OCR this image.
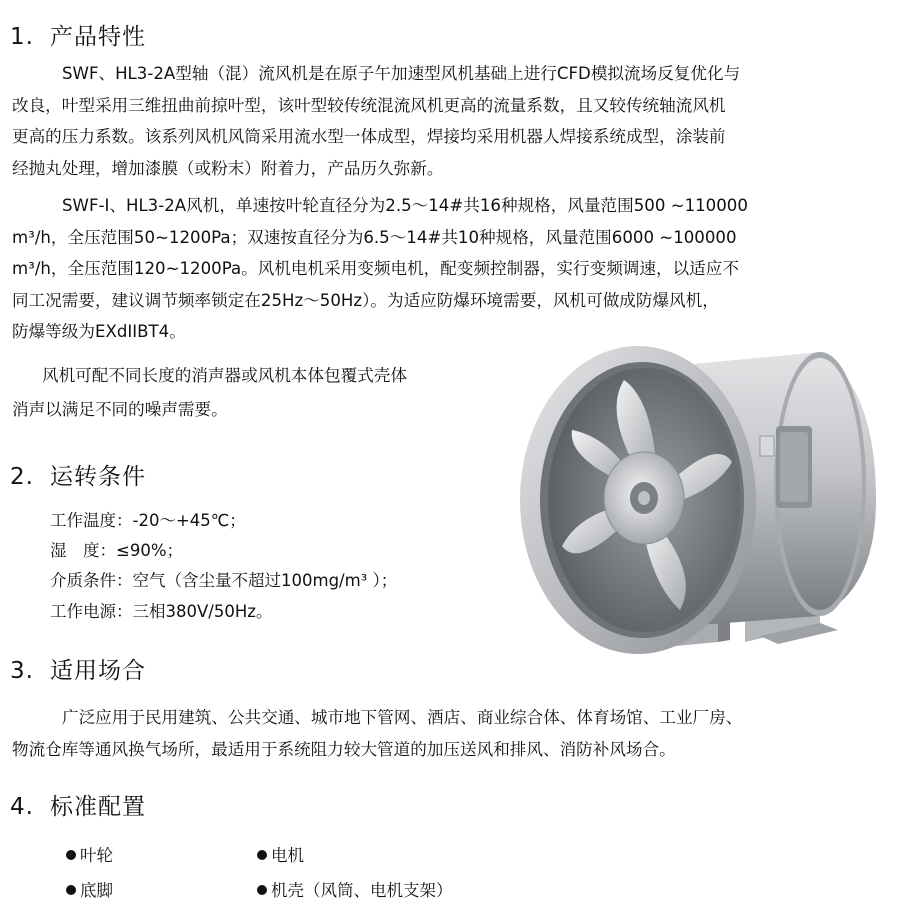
1. 产品特性
SWF、HL3-2A型轴（混）流风机是在原子午加速型风机基础上进行CFD模拟流场反复优化与
改良，叶型采用三维扭曲前掠叶型，该叶型较传统混流风机更高的流量系数，且又较传统轴流风机
更高的压力系数。该系列风机风筒采用流水型一体成型，焊接均采用机器人焊接系统成型，涂装前
经抛丸处理，增加漆膜（或粉末）附着力，产品历久弥新。
SWF-I、HL3-2A风机，单速按叶轮直径分为2.5～14#共16种规格，风量范围500 ~110000
m³/h，全压范围50~1200Pa；双速按直径分为6.5～14#共10种规格，风量范围6000 ~100000
m³/h，全压范围120~1200Pa。风机电机采用变频电机，配变频控制器，实行变频调速，以适应不
同工况需要，建议调节频率锁定在25Hz～50Hz）。为适应防爆环境需要，风机可做成防爆风机，
防爆等级为EXdIIBT4。
风机可配不同长度的消声器或风机本体包覆式壳体
消声以满足不同的噪声需要。
2. 运转条件
工作温度：-20～+45℃；
湿　度：≤90%；
介质条件：空气（含尘量不超过100mg/m³ ）；
工作电源：三相380V/50Hz。
3. 适用场合
广泛应用于民用建筑、公共交通、城市地下管网、酒店、商业综合体、体育场馆、工业厂房、
物流仓库等通风换气场所，最适用于系统阻力较大管道的加压送风和排风、消防补风场合。
4. 标准配置
叶轮	电机
底脚	机壳（风筒、电机支架）
